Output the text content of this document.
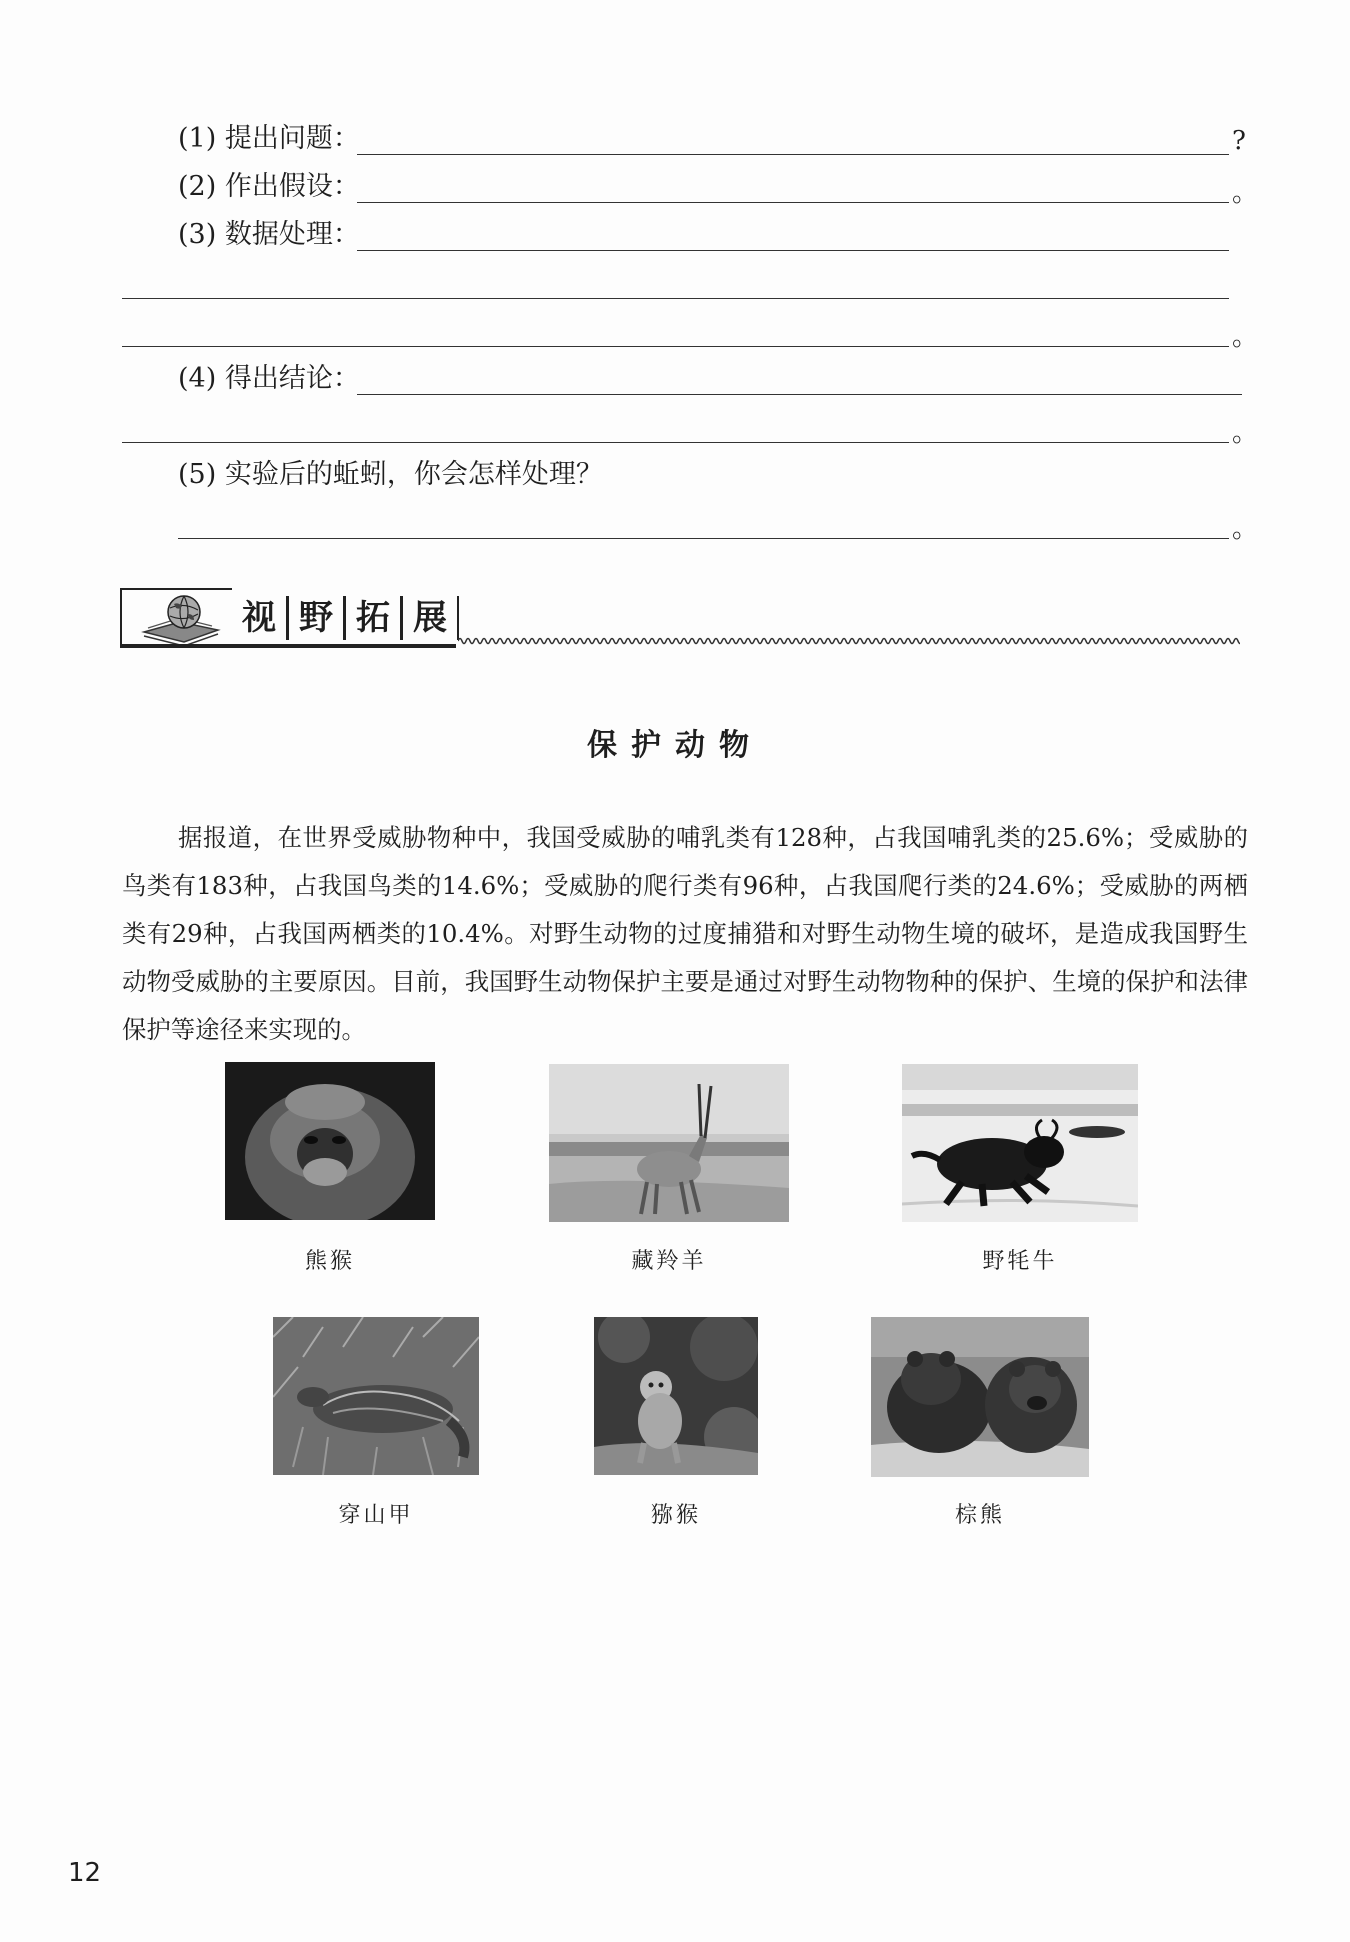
(1) 提出问题：	?
(2) 作出假设：	。
(3) 数据处理：
。
(4) 得出结论：
。
(5) 实验后的蚯蚓，你会怎样处理？
。
视 野 拓 展
保护动物

据报道，在世界受威胁物种中，我国受威胁的哺乳类有128种，占我国哺乳类的25.6%；受威胁的鸟类有183种，占我国鸟类的14.6%；受威胁的爬行类有96种，占我国爬行类的24.6%；受威胁的两栖类有29种，占我国两栖类的10.4%。对野生动物的过度捕猎和对野生动物生境的破坏，是造成我国野生动物受威胁的主要原因。目前，我国野生动物保护主要是通过对野生动物物种的保护、生境的保护和法律保护等途径来实现的。

熊猴	藏羚羊	野牦牛
穿山甲	猕猴	棕熊
12
